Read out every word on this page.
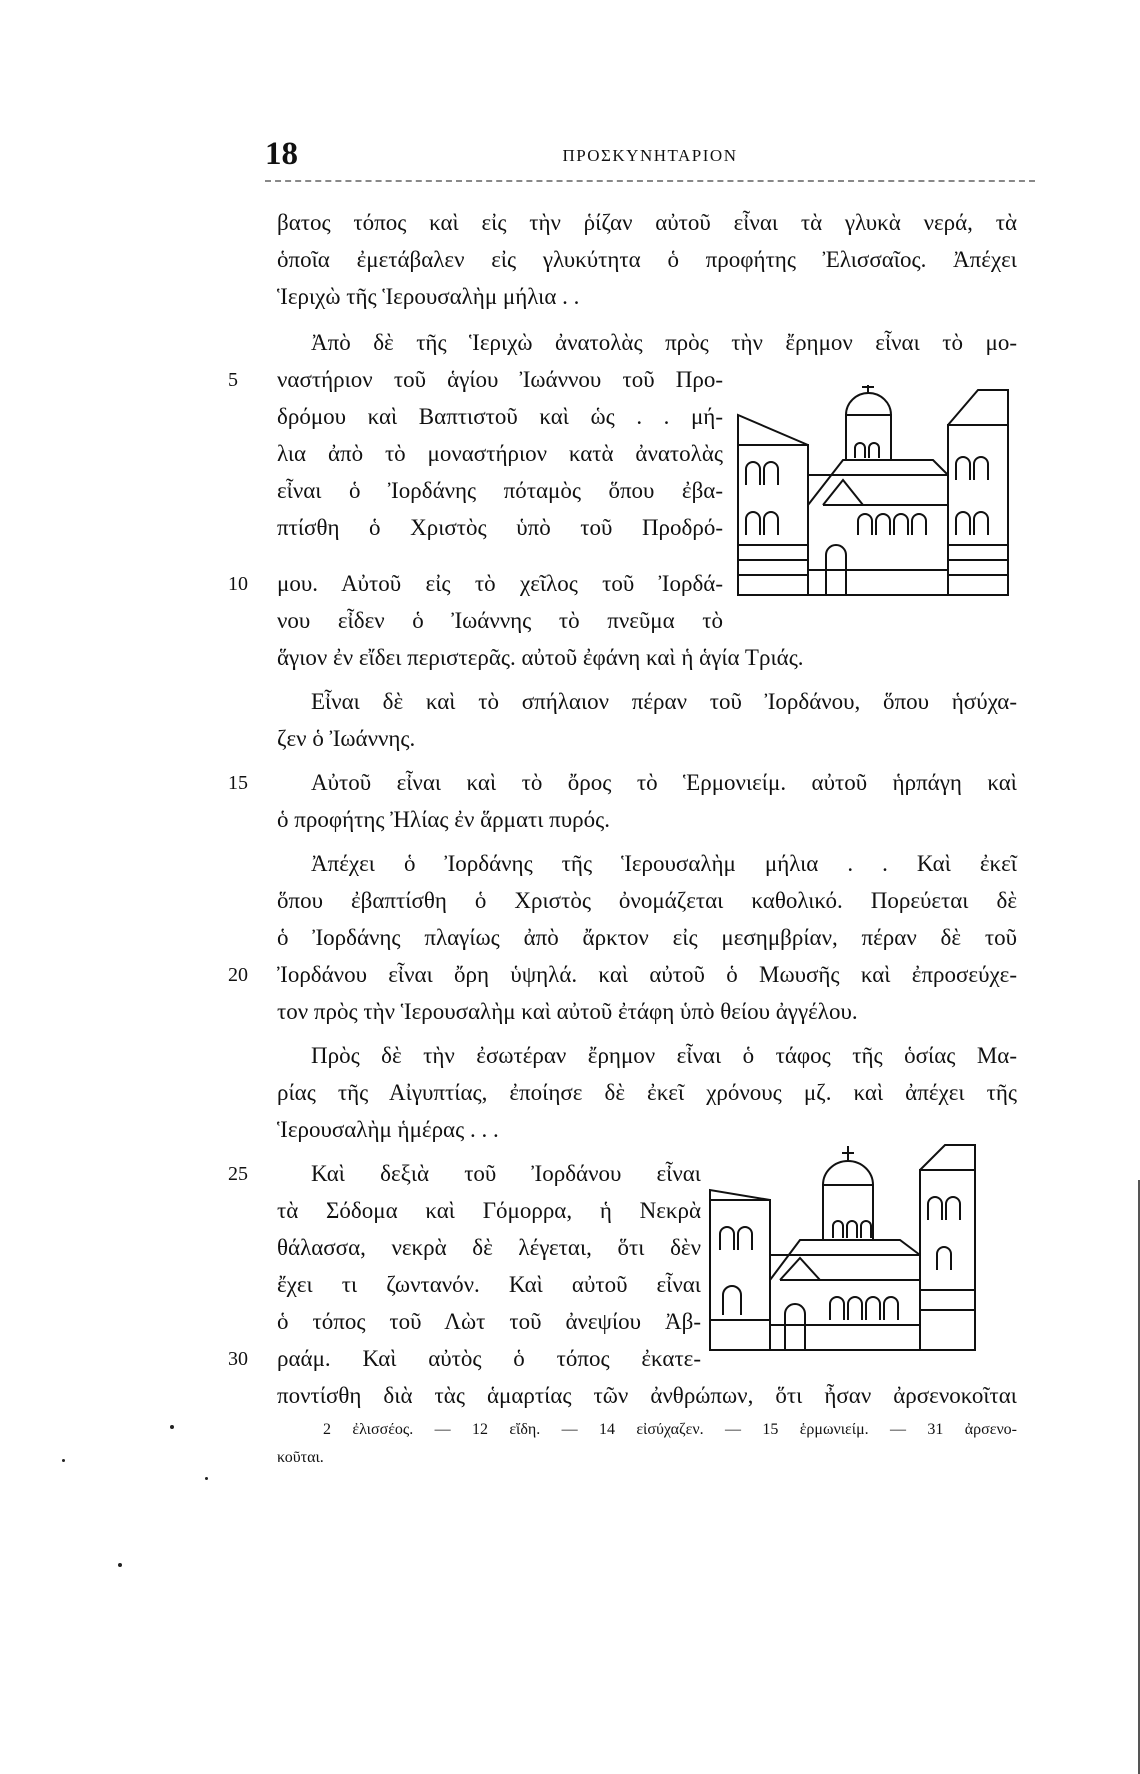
18	ΠΡΟΣΚΥΝΗΤΑΡΙΟΝ
βατος τόπος καὶ εἰς τὴν ῥίζαν αὐτοῦ εἶναι τὰ γλυκὰ νερά, τὰ
ὁποῖα ἐμετάβαλεν εἰς γλυκύτητα ὁ προφήτης Ἐλισσαῖος. Ἀπέχει
Ἱεριχὼ τῆς Ἱερουσαλὴμ μήλια . .
Ἀπὸ δὲ τῆς Ἱεριχὼ ἀνατολὰς πρὸς τὴν ἔρημον εἶναι τὸ μο-
ναστήριον τοῦ ἁγίου Ἰωάννου τοῦ Προ-
δρόμου καὶ Βαπτιστοῦ καὶ ὡς . . μή-
λια ἀπὸ τὸ μοναστήριον κατὰ ἀνατολὰς
εἶναι ὁ Ἰορδάνης πόταμὸς ὅπου ἐβα-
πτίσθη ὁ Χριστὸς ὑπὸ τοῦ Προδρό-
μου. Αὐτοῦ εἰς τὸ χεῖλος τοῦ Ἰορδά-
νου εἶδεν ὁ Ἰωάννης τὸ πνεῦμα τὸ
ἅγιον ἐν εἴδει περιστερᾶς. αὐτοῦ ἐφάνη καὶ ἡ ἁγία Τριάς.
Εἶναι δὲ καὶ τὸ σπήλαιον πέραν τοῦ Ἰορδάνου, ὅπου ἡσύχα-
ζεν ὁ Ἰωάννης.
Αὐτοῦ εἶναι καὶ τὸ ὄρος τὸ Ἑρμονιείμ. αὐτοῦ ἡρπάγη καὶ
ὁ προφήτης Ἠλίας ἐν ἅρματι πυρός.
Ἀπέχει ὁ Ἰορδάνης τῆς Ἱερουσαλὴμ μήλια . . Καὶ ἐκεῖ
ὅπου ἐβαπτίσθη ὁ Χριστὸς ὀνομάζεται καθολικό. Πορεύεται δὲ
ὁ Ἰορδάνης πλαγίως ἀπὸ ἄρκτον εἰς μεσημβρίαν, πέραν δὲ τοῦ
Ἰορδάνου εἶναι ὄρη ὑψηλά. καὶ αὐτοῦ ὁ Μωυσῆς καὶ ἐπροσεύχε-
τον πρὸς τὴν Ἱερουσαλὴμ καὶ αὐτοῦ ἐτάφη ὑπὸ θείου ἀγγέλου.
Πρὸς δὲ τὴν ἐσωτέραν ἔρημον εἶναι ὁ τάφος τῆς ὁσίας Μα-
ρίας τῆς Αἰγυπτίας, ἐποίησε δὲ ἐκεῖ χρόνους μζ. καὶ ἀπέχει τῆς
Ἱερουσαλὴμ ἡμέρας . . .
Καὶ δεξιὰ τοῦ Ἰορδάνου εἶναι
τὰ Σόδομα καὶ Γόμορρα, ἡ Νεκρὰ
θάλασσα, νεκρὰ δὲ λέγεται, ὅτι δὲν
ἔχει τι ζωντανόν. Καὶ αὐτοῦ εἶναι
ὁ τόπος τοῦ Λὼτ τοῦ ἀνεψίου Ἀβ-
ραάμ. Καὶ αὐτὸς ὁ τόπος ἐκατε-
ποντίσθη διὰ τὰς ἁμαρτίας τῶν ἀνθρώπων, ὅτι ἦσαν ἀρσενοκοῖται
5
10
15
20
25
30
2 ἐλισσέος. — 12 εἴδη. — 14 εἰσύχαζεν. — 15 ἑρμωνιείμ. — 31 ἀρσενο-
κοῦται.
